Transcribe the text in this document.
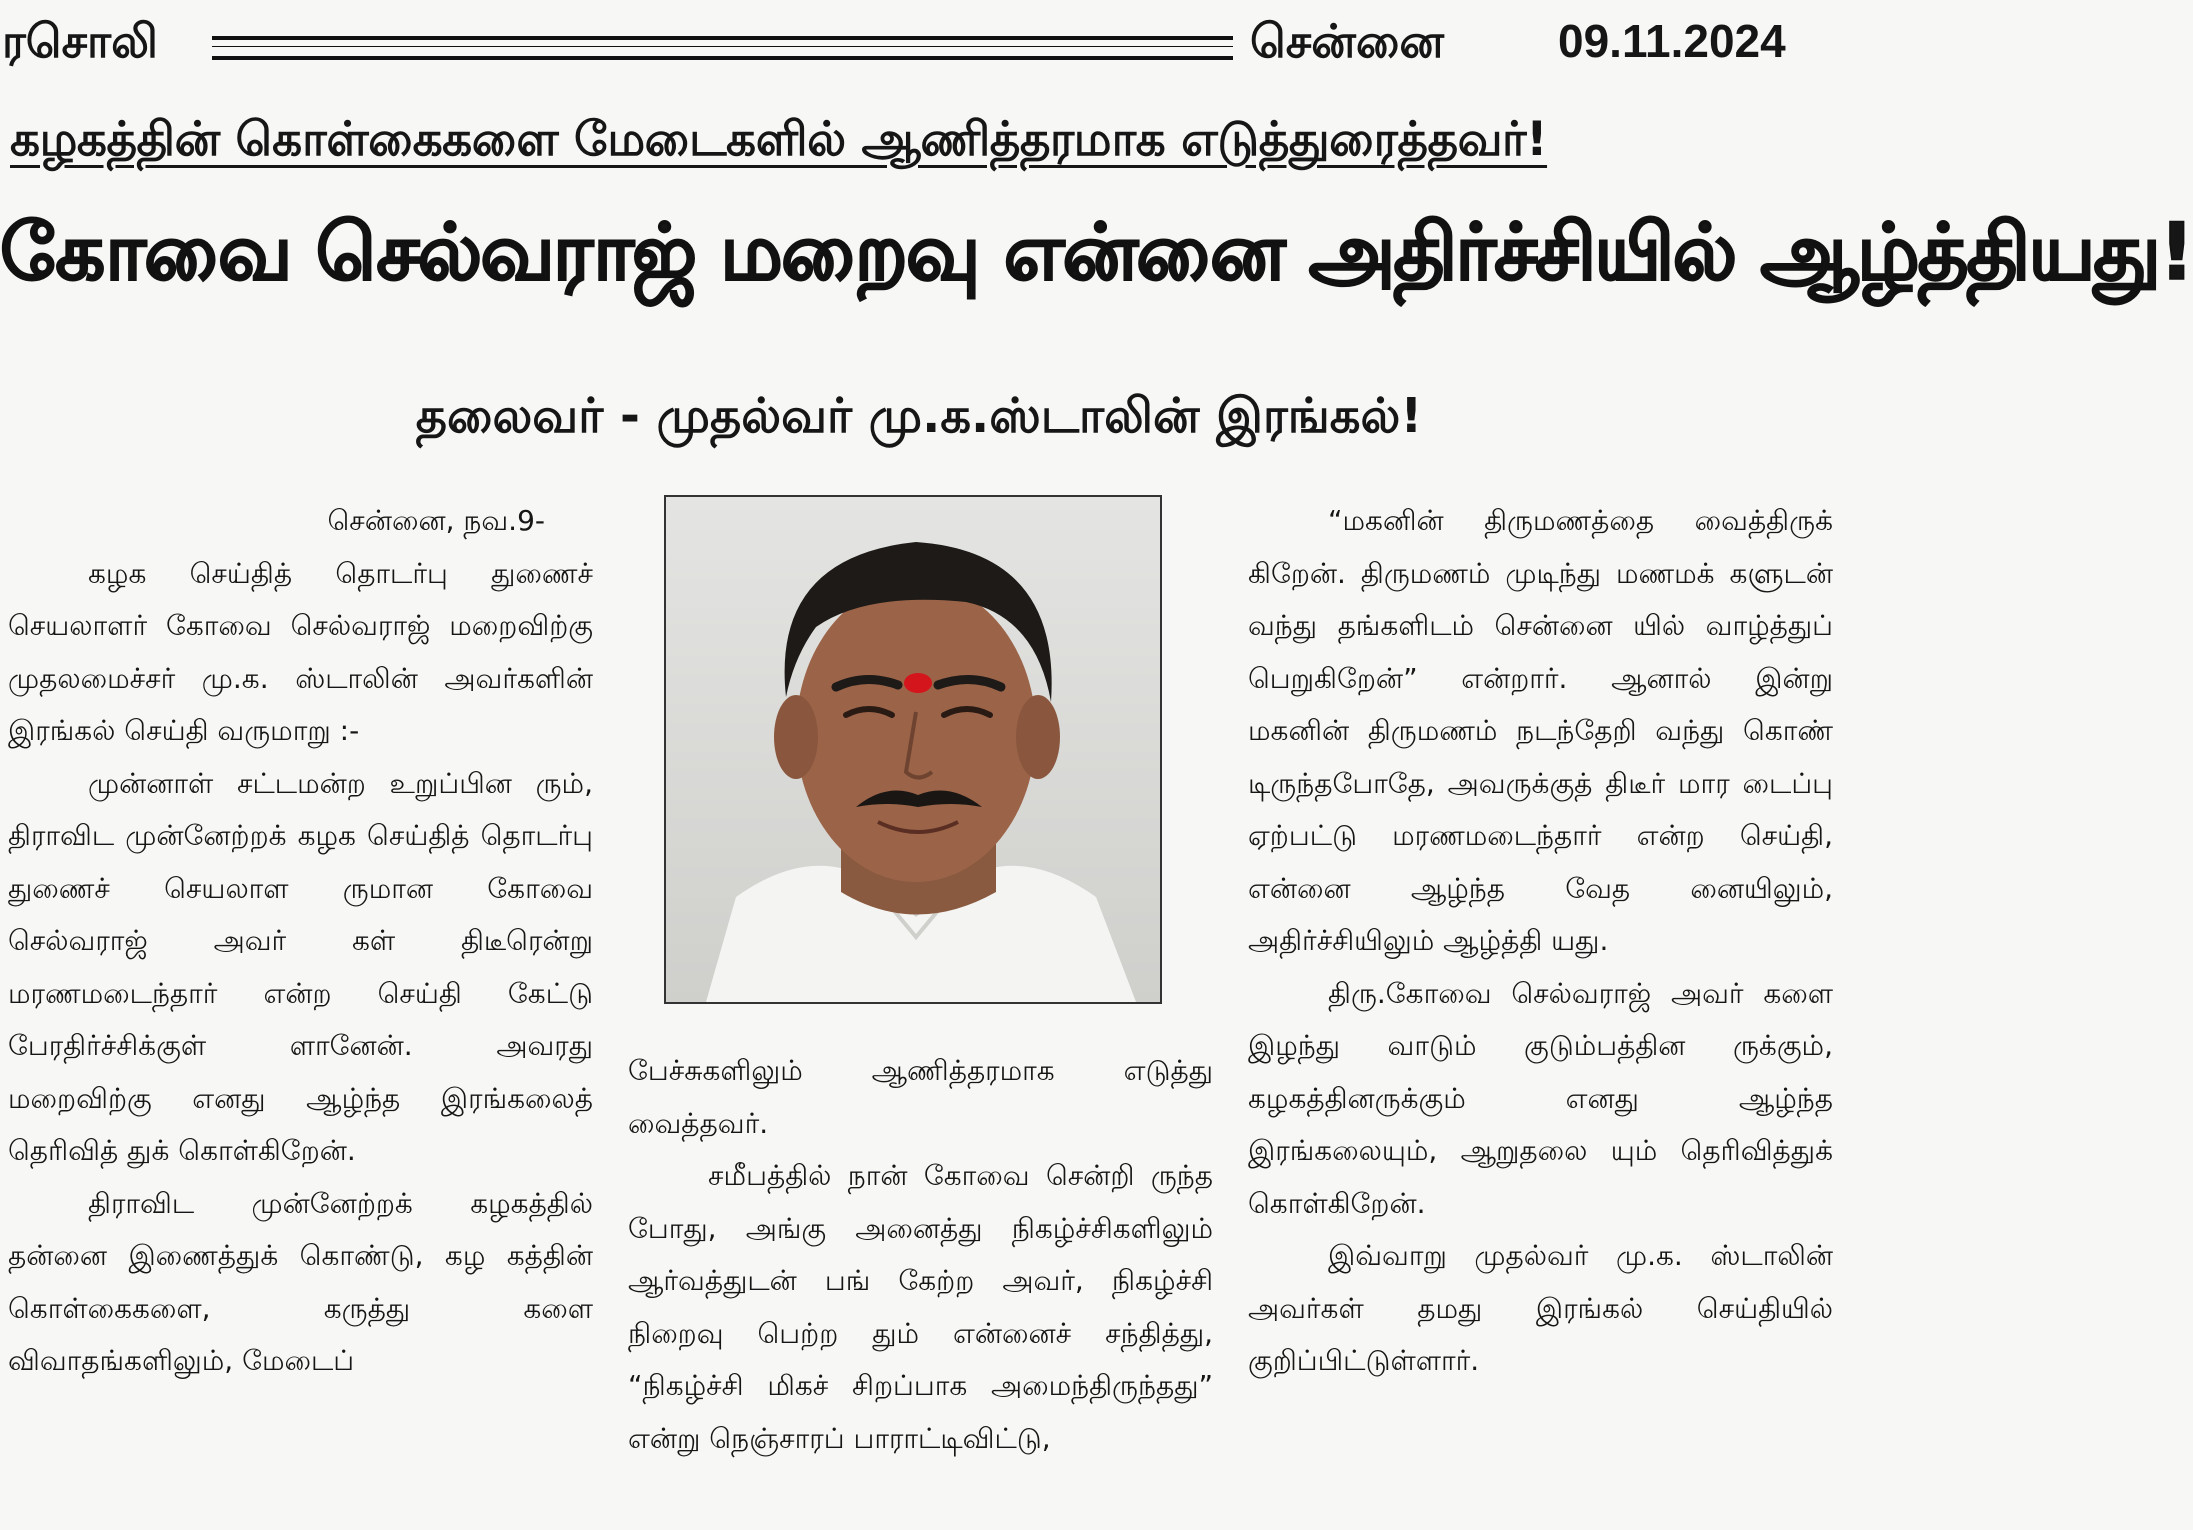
ரசொலி	சென்னை 09.11.2024
கழகத்தின் கொள்கைகளை மேடைகளில் ஆணித்தரமாக எடுத்துரைத்தவர்!
கோவை செல்வராஜ் மறைவு என்னை அதிர்ச்சியில் ஆழ்த்தியது!
தலைவர் - முதல்வர் மு.க.ஸ்டாலின் இரங்கல்!

சென்னை, நவ.9-

கழக செய்தித் தொடர்பு துணைச் செயலாளர் கோவை செல்வராஜ் மறைவிற்கு முதலமைச்சர் மு.க. ஸ்டாலின் அவர்களின் இரங்கல் செய்தி வருமாறு :-

முன்னாள் சட்டமன்ற உறுப்பின ரும், திராவிட முன்னேற்றக் கழக செய்தித் தொடர்பு துணைச் செயலாள ருமான கோவை செல்வராஜ் அவர் கள் திடீரென்று மரணமடைந்தார் என்ற செய்தி கேட்டு பேரதிர்ச்சிக்குள் ளானேன். அவரது மறைவிற்கு எனது ஆழ்ந்த இரங்கலைத் தெரிவித் துக் கொள்கிறேன்.

திராவிட முன்னேற்றக் கழகத்தில் தன்னை இணைத்துக் கொண்டு, கழ கத்தின் கொள்கைகளை, கருத்து களை விவாதங்களிலும், மேடைப்

பேச்சுகளிலும் ஆணித்தரமாக எடுத்து வைத்தவர்.

சமீபத்தில் நான் கோவை சென்றி ருந்த போது, அங்கு அனைத்து நிகழ்ச்சிகளிலும் ஆர்வத்துடன் பங் கேற்ற அவர், நிகழ்ச்சி நிறைவு பெற்ற தும் என்னைச் சந்தித்து, “நிகழ்ச்சி மிகச் சிறப்பாக அமைந்திருந்தது” என்று நெஞ்சாரப் பாராட்டிவிட்டு,

“மகனின் திருமணத்தை வைத்திருக் கிறேன். திருமணம் முடிந்து மணமக் களுடன் வந்து தங்களிடம் சென்னை யில் வாழ்த்துப் பெறுகிறேன்” என்றார். ஆனால் இன்று மகனின் திருமணம் நடந்தேறி வந்து கொண் டிருந்தபோதே, அவருக்குத் திடீர் மார டைப்பு ஏற்பட்டு மரணமடைந்தார் என்ற செய்தி, என்னை ஆழ்ந்த வேத னையிலும், அதிர்ச்சியிலும் ஆழ்த்தி யது.

திரு.கோவை செல்வராஜ் அவர் களை இழந்து வாடும் குடும்பத்தின ருக்கும், கழகத்தினருக்கும் எனது ஆழ்ந்த இரங்கலையும், ஆறுதலை யும் தெரிவித்துக் கொள்கிறேன்.

இவ்வாறு முதல்வர் மு.க. ஸ்டாலின் அவர்கள் தமது இரங்கல் செய்தியில் குறிப்பிட்டுள்ளார்.
